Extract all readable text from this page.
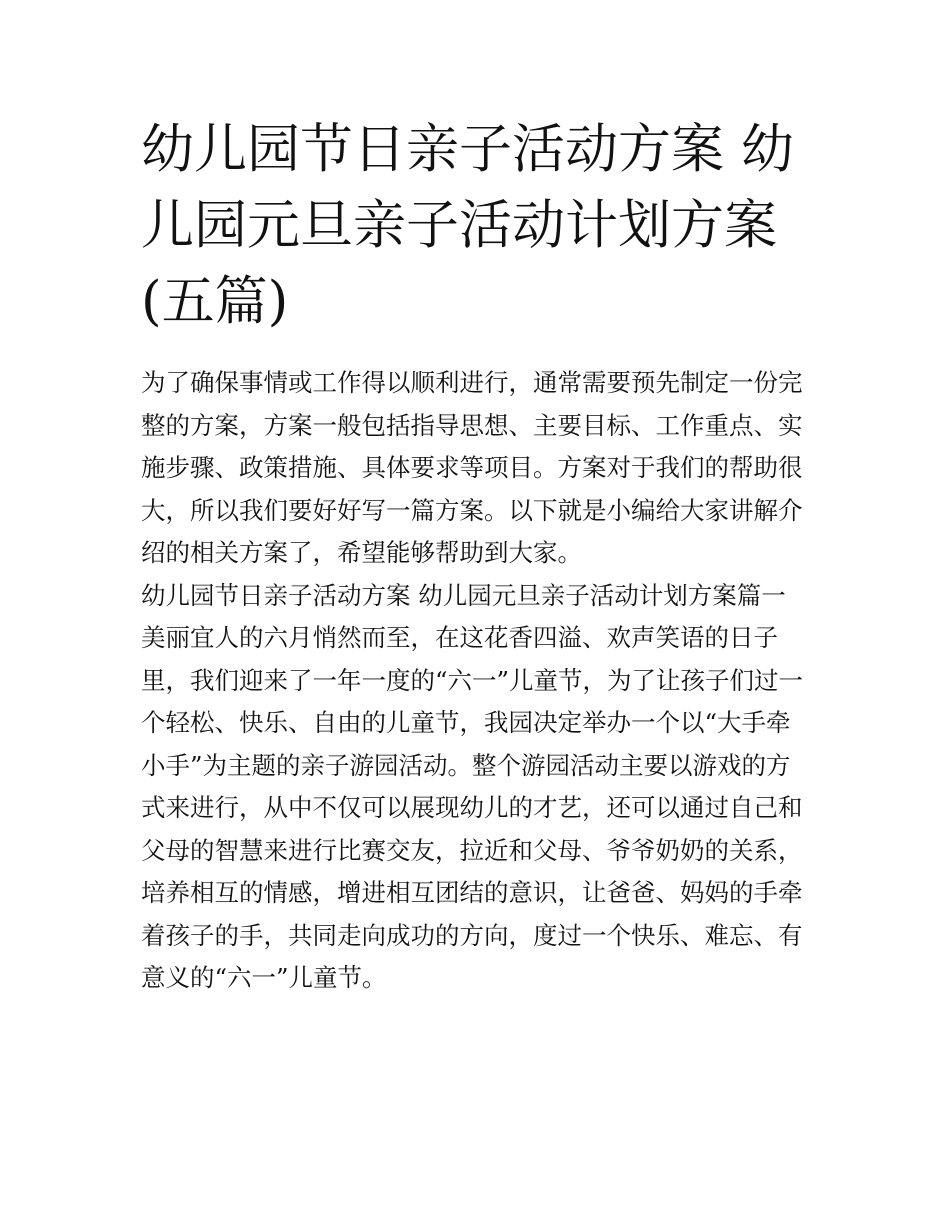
幼儿园节日亲子活动方案 幼儿园元旦亲子活动计划方案(五篇)

为了确保事情或工作得以顺利进行，通常需要预先制定一份完整的方案，方案一般包括指导思想、主要目标、工作重点、实施步骤、政策措施、具体要求等项目。方案对于我们的帮助很大，所以我们要好好写一篇方案。以下就是小编给大家讲解介绍的相关方案了，希望能够帮助到大家。

幼儿园节日亲子活动方案 幼儿园元旦亲子活动计划方案篇一

美丽宜人的六月悄然而至，在这花香四溢、欢声笑语的日子里，我们迎来了一年一度的“六一”儿童节，为了让孩子们过一个轻松、快乐、自由的儿童节，我园决定举办一个以“大手牵小手”为主题的亲子游园活动。整个游园活动主要以游戏的方式来进行，从中不仅可以展现幼儿的才艺，还可以通过自己和父母的智慧来进行比赛交友，拉近和父母、爷爷奶奶的关系，培养相互的情感，增进相互团结的意识，让爸爸、妈妈的手牵着孩子的手，共同走向成功的方向，度过一个快乐、难忘、有意义的“六一”儿童节。
